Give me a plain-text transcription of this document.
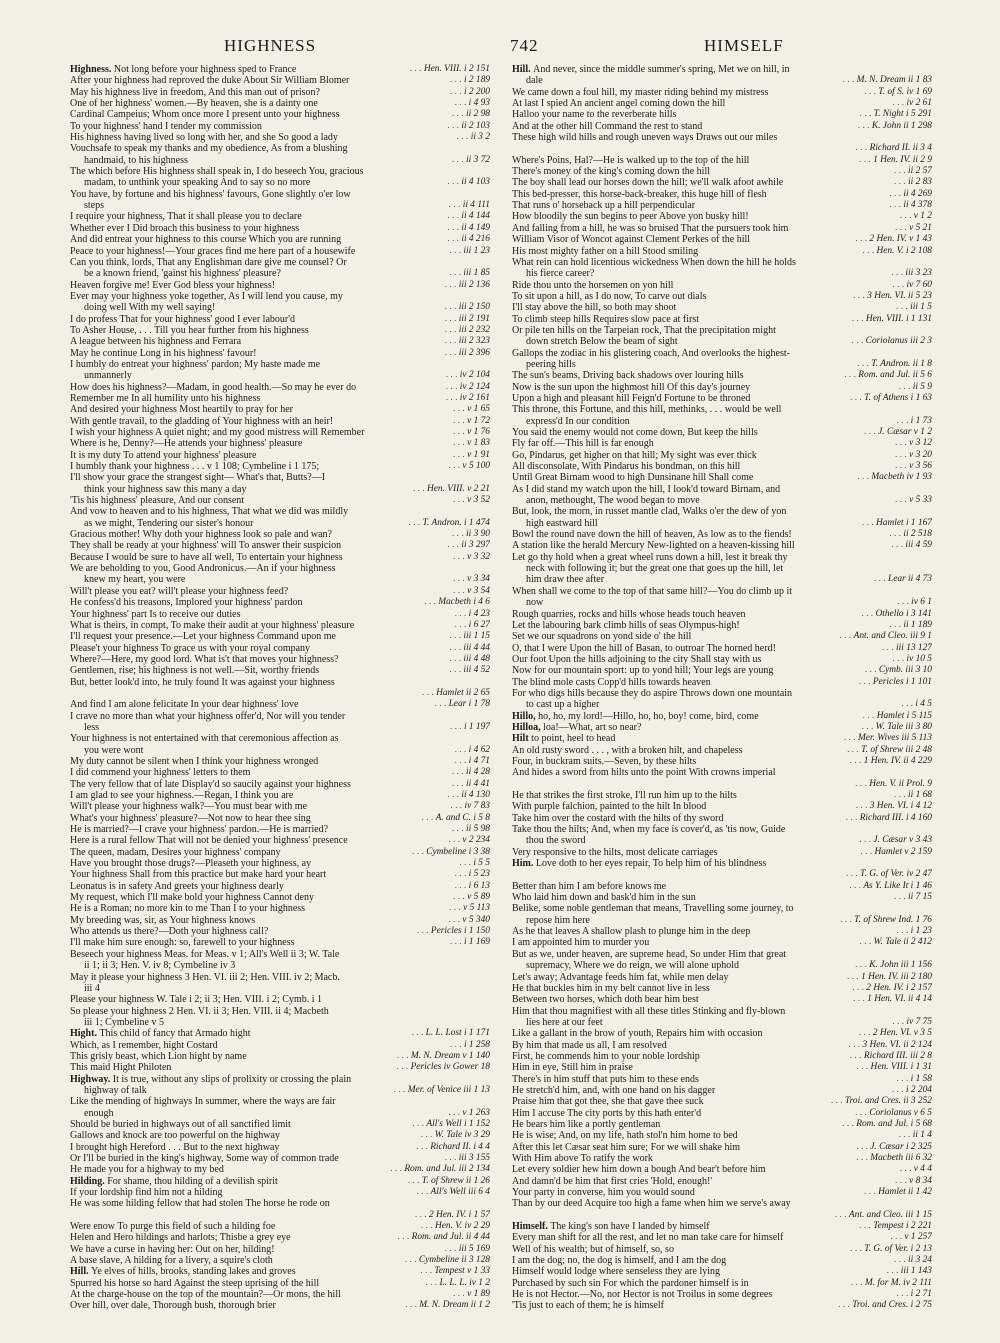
HIGHNESS	742	HIMSELF
Highness. Not long before your highness sped to France	. . . Hen. VIII. i 2 151
After your highness had reproved the duke About Sir William Blomer	. . . i 2 189
May his highness live in freedom, And this man out of prison?	. . . i 2 200
One of her highness' women.—By heaven, she is a dainty one	. . . i 4 93
Cardinal Campeius; Whom once more I present unto your highness	. . . ii 2 98
To your highness' hand I tender my commission	. . . ii 2 103
His highness having lived so long with her, and she So good a lady	. . . ii 3 2
Vouchsafe to speak my thanks and my obedience, As from a blushing
handmaid, to his highness	. . . ii 3 72
The which before His highness shall speak in, I do beseech You, gracious
madam, to unthink your speaking And to say so no more	. . . ii 4 103
You have, by fortune and his highness' favours, Gone slightly o'er low
steps	. . . ii 4 111
I require your highness, That it shall please you to declare	. . . ii 4 144
Whether ever I Did broach this business to your highness	. . . ii 4 149
And did entreat your highness to this course Which you are running	. . . ii 4 216
Peace to your highness!—Your graces find me here part of a housewife	. . . iii 1 23
Can you think, lords, That any Englishman dare give me counsel? Or
be a known friend, 'gainst his highness' pleasure?	. . . iii 1 85
Heaven forgive me! Ever God bless your highness!	. . . iii 2 136
Ever may your highness yoke together, As I will lend you cause, my
doing well With my well saying!	. . . iii 2 150
I do profess That for your highness' good I ever labour'd	. . . iii 2 191
To Asher House, . . . Till you hear further from his highness	. . . iii 2 232
A league between his highness and Ferrara	. . . iii 2 323
May he continue Long in his highness' favour!	. . . iii 2 396
I humbly do entreat your highness' pardon; My haste made me
unmannerly	. . . iv 2 104
How does his highness?—Madam, in good health.—So may he ever do	. . . iv 2 124
Remember me In all humility unto his highness	. . . iv 2 161
And desired your highness Most heartily to pray for her	. . . v 1 65
With gentle travail, to the gladding of Your highness with an heir!	. . . v 1 72
I wish your highness A quiet night; and my good mistress will Remember	. . . v 1 76
Where is he, Denny?—He attends your highness' pleasure	. . . v 1 83
It is my duty To attend your highness' pleasure	. . . v 1 91
I humbly thank your highness . . . v 1 108; Cymbeline i 1 175;	. . . v 5 100
I'll show your grace the strangest sight— What's that, Butts?—I
think your highness saw this many a day	. . . Hen. VIII. v 2 21
'Tis his highness' pleasure, And our consent	. . . v 3 52
And vow to heaven and to his highness, That what we did was mildly
as we might, Tendering our sister's honour	. . . T. Andron. i 1 474
Gracious mother! Why doth your highness look so pale and wan?	. . . ii 3 90
They shall be ready at your highness' will To answer their suspicion	. . . ii 3 297
Because I would be sure to have all well, To entertain your highness	. . . v 3 32
We are beholding to you, Good Andronicus.—An if your highness
knew my heart, you were	. . . v 3 34
Will't please you eat? will't please your highness feed?	. . . v 3 54
He confess'd his treasons, Implored your highness' pardon	. . . Macbeth i 4 6
Your highness' part Is to receive our duties	. . . i 4 23
What is theirs, in compt, To make their audit at your highness' pleasure	. . . i 6 27
I'll request your presence.—Let your highness Command upon me	. . . iii 1 15
Please't your highness To grace us with your royal company	. . . iii 4 44
Where?—Here, my good lord. What is't that moves your highness?	. . . iii 4 48
Gentlemen, rise; his highness is not well.—Sit, worthy friends	. . . iii 4 52
But, better look'd into, he truly found It was against your highness
. . . Hamlet ii 2 65
And find I am alone felicitate In your dear highness' love	. . . Lear i 1 78
I crave no more than what your highness offer'd, Nor will you tender
less	. . . i 1 197
Your highness is not entertained with that ceremonious affection as
you were wont	. . . i 4 62
My duty cannot be silent when I think your highness wronged	. . . i 4 71
I did commend your highness' letters to them	. . . ii 4 28
The very fellow that of late Display'd so saucily against your highness	. . . ii 4 41
I am glad to see your highness.—Regan, I think you are	. . . ii 4 130
Will't please your highness walk?—You must bear with me	. . . iv 7 83
What's your highness' pleasure?—Not now to hear thee sing	. . . A. and C. i 5 8
He is married?—I crave your highness' pardon.—He is married?	. . . ii 5 98
Here is a rural fellow That will not be denied your highness' presence	. . . v 2 234
The queen, madam, Desires your highness' company	. . . Cymbeline i 3 38
Have you brought those drugs?—Pleaseth your highness, ay	. . . i 5 5
Your highness Shall from this practice but make hard your heart	. . . i 5 23
Leonatus is in safety And greets your highness dearly	. . . i 6 13
My request, which I'll make bold your highness Cannot deny	. . . v 5 89
He is a Roman; no more kin to me Than I to your highness	. . . v 5 113
My breeding was, sir, as Your highness knows	. . . v 5 340
Who attends us there?—Doth your highness call?	. . . Pericles i 1 150
I'll make him sure enough: so, farewell to your highness	. . . i 1 169
Beseech your highness Meas. for Meas. v 1; All's Well ii 3; W. Tale
ii 1; ii 3; Hen. V. iv 8; Cymbeline iv 3
May it please your highness 3 Hen. VI. iii 2; Hen. VIII. iv 2; Macb.
iii 4
Please your highness W. Tale i 2; ii 3; Hen. VIII. i 2; Cymb. i 1
So please your highness 2 Hen. VI. ii 3; Hen. VIII. ii 4; Macbeth
iii 1; Cymbeline v 5
Hight. This child of fancy that Armado hight	. . . L. L. Lost i 1 171
Which, as I remember, hight Costard	. . . i 1 258
This grisly beast, which Lion hight by name	. . . M. N. Dream v 1 140
This maid Hight Philoten	. . . Pericles iv Gower 18
Highway. It is true, without any slips of prolixity or crossing the plain
highway of talk	. . . Mer. of Venice iii 1 13
Like the mending of highways In summer, where the ways are fair
enough	. . . v 1 263
Should be buried in highways out of all sanctified limit	. . . All's Well i 1 152
Gallows and knock are too powerful on the highway	. . . W. Tale iv 3 29
I brought high Hereford . . . But to the next highway	. . . Richard II. i 4 4
Or I'll be buried in the king's highway, Some way of common trade	. . . iii 3 155
He made you for a highway to my bed	. . . Rom. and Jul. iii 2 134
Hilding. For shame, thou hilding of a devilish spirit	. . . T. of Shrew ii 1 26
If your lordship find him not a hilding	. . . All's Well iii 6 4
He was some hilding fellow that had stolen The horse he rode on
. . . 2 Hen. IV. i 1 57
Were enow To purge this field of such a hilding foe	. . . Hen. V. iv 2 29
Helen and Hero hildings and harlots; Thisbe a grey eye	. . . Rom. and Jul. ii 4 44
We have a curse in having her: Out on her, hilding!	. . . iii 5 169
A base slave, A hilding for a livery, a squire's cloth	. . . Cymbeline ii 3 128
Hill. Ye elves of hills, brooks, standing lakes and groves	. . . Tempest v 1 33
Spurred his horse so hard Against the steep uprising of the hill	. . . L. L. L. iv 1 2
At the charge-house on the top of the mountain?—Or mons, the hill	. . . v 1 89
Over hill, over dale, Thorough bush, thorough brier	. . . M. N. Dream ii 1 2
Hill. And never, since the middle summer's spring, Met we on hill, in
dale	. . . M. N. Dream ii 1 83
We came down a foul hill, my master riding behind my mistress	. . . T. of S. iv 1 69
At last I spied An ancient angel coming down the hill	. . . iv 2 61
Halloo your name to the reverberate hills	. . . T. Night i 5 291
And at the other hill Command the rest to stand	. . . K. John ii 1 298
These high wild hills and rough uneven ways Draws out our miles
. . . Richard II. ii 3 4
Where's Poins, Hal?—He is walked up to the top of the hill	. . . 1 Hen. IV. ii 2 9
There's money of the king's coming down the hill	. . . ii 2 57
The boy shall lead our horses down the hill; we'll walk afoot awhile	. . . ii 2 83
This bed-presser, this horse-back-breaker, this huge hill of flesh	. . . ii 4 269
That runs o' horseback up a hill perpendicular	. . . ii 4 378
How bloodily the sun begins to peer Above yon busky hill!	. . . v 1 2
And falling from a hill, he was so bruised That the pursuers took him	. . . v 5 21
William Visor of Woncot against Clement Perkes of the hill	. . . 2 Hen. IV. v 1 43
His most mighty father on a hill Stood smiling	. . . Hen. V. i 2 108
What rein can hold licentious wickedness When down the hill he holds
his fierce career?	. . . iii 3 23
Ride thou unto the horsemen on yon hill	. . . iv 7 60
To sit upon a hill, as I do now, To carve out dials	. . . 3 Hen. VI. ii 5 23
I'll stay above the hill, so both may shoot	. . . iii 1 5
To climb steep hills Requires slow pace at first	. . . Hen. VIII. i 1 131
Or pile ten hills on the Tarpeian rock, That the precipitation might
down stretch Below the beam of sight	. . . Coriolanus iii 2 3
Gallops the zodiac in his glistering coach, And overlooks the highest-
peering hills	. . . T. Andron. ii 1 8
The sun's beams, Driving back shadows over louring hills	. . . Rom. and Jul. ii 5 6
Now is the sun upon the highmost hill Of this day's journey	. . . ii 5 9
Upon a high and pleasant hill Feign'd Fortune to be throned	. . . T. of Athens i 1 63
This throne, this Fortune, and this hill, methinks, . . . would be well
express'd In our condition	. . . i 1 73
You said the enemy would not come down, But keep the hills	. . . J. Cæsar v 1 2
Fly far off.—This hill is far enough	. . . v 3 12
Go, Pindarus, get higher on that hill; My sight was ever thick	. . . v 3 20
All disconsolate, With Pindarus his bondman, on this hill	. . . v 3 56
Until Great Birnam wood to high Dunsinane hill Shall come	. . . Macbeth iv 1 93
As I did stand my watch upon the hill, I look'd toward Birnam, and
anon, methought, The wood began to move	. . . v 5 33
But, look, the morn, in russet mantle clad, Walks o'er the dew of yon
high eastward hill	. . . Hamlet i 1 167
Bowl the round nave down the hill of heaven, As low as to the fiends!	. . . ii 2 518
A station like the herald Mercury New-lighted on a heaven-kissing hill	. . . iii 4 59
Let go thy hold when a great wheel runs down a hill, lest it break thy
neck with following it; but the great one that goes up the hill, let
him draw thee after	. . . Lear ii 4 73
When shall we come to the top of that same hill?—You do climb up it
now	. . . iv 6 1
Rough quarries, rocks and hills whose heads touch heaven	. . . Othello i 3 141
Let the labouring bark climb hills of seas Olympus-high!	. . . ii 1 189
Set we our squadrons on yond side o' the hill	. . . Ant. and Cleo. iii 9 1
O, that I were Upon the hill of Basan, to outroar The horned herd!	. . . iii 13 127
Our foot Upon the hills adjoining to the city Shall stay with us	. . . iv 10 5
Now for our mountain sport: up to yond hill; Your legs are young	. . . Cymb. iii 3 10
The blind mole casts Copp'd hills towards heaven	. . . Pericles i 1 101
For who digs hills because they do aspire Throws down one mountain
to cast up a higher	. . . i 4 5
Hillo, ho, ho, my lord!—Hillo, ho, ho, boy! come, bird, come	. . . Hamlet i 5 115
Hilloa, loa!—What, art so near?	. . . W. Tale iii 3 80
Hilt to point, heel to head	. . . Mer. Wives iii 5 113
An old rusty sword . . . , with a broken hilt, and chapeless	. . . T. of Shrew iii 2 48
Four, in buckram suits.—Seven, by these hilts	. . . 1 Hen. IV. ii 4 229
And hides a sword from hilts unto the point With crowns imperial
. . . Hen. V. ii Prol. 9
He that strikes the first stroke, I'll run him up to the hilts	. . . ii 1 68
With purple falchion, painted to the hilt In blood	. . . 3 Hen. VI. i 4 12
Take him over the costard with the hilts of thy sword	. . . Richard III. i 4 160
Take thou the hilts; And, when my face is cover'd, as 'tis now, Guide
thou the sword	. . . J. Cæsar v 3 43
Very responsive to the hilts, most delicate carriages	. . . Hamlet v 2 159
Him. Love doth to her eyes repair, To help him of his blindness
. . . T. G. of Ver. iv 2 47
Better than him I am before knows me	. . . As Y. Like It i 1 46
Who laid him down and bask'd him in the sun	. . . ii 7 15
Belike, some noble gentleman that means, Travelling some journey, to
repose him here	. . . T. of Shrew Ind. 1 76
As he that leaves A shallow plash to plunge him in the deep	. . . i 1 23
I am appointed him to murder you	. . . W. Tale ii 2 412
But as we, under heaven, are supreme head, So under Him that great
supremacy, Where we do reign, we will alone uphold	. . . K. John iii 1 156
Let's away; Advantage feeds him fat, while men delay	. . . 1 Hen. IV. iii 2 180
He that buckles him in my belt cannot live in less	. . . 2 Hen. IV. i 2 157
Between two horses, which doth bear him best	. . . 1 Hen. VI. ii 4 14
Him that thou magnifiest with all these titles Stinking and fly-blown
lies here at our feet	. . . iv 7 75
Like a gallant in the brow of youth, Repairs him with occasion	. . . 2 Hen. VI. v 3 5
By him that made us all, I am resolved	. . . 3 Hen. VI. ii 2 124
First, he commends him to your noble lordship	. . . Richard III. iii 2 8
Him in eye, Still him in praise	. . . Hen. VIII. i 1 31
There's in him stuff that puts him to these ends	. . . i 1 58
He stretch'd him, and, with one hand on his dagger	. . . i 2 204
Praise him that got thee, she that gave thee suck	. . . Troi. and Cres. ii 3 252
Him I accuse The city ports by this hath enter'd	. . . Coriolanus v 6 5
He bears him like a portly gentleman	. . . Rom. and Jul. i 5 68
He is wise; And, on my life, hath stol'n him home to bed	. . . ii 1 4
After this let Cæsar seat him sure; For we will shake him	. . . J. Cæsar i 2 325
With Him above To ratify the work	. . . Macbeth iii 6 32
Let every soldier hew him down a bough And bear't before him	. . . v 4 4
And damn'd be him that first cries 'Hold, enough!'	. . . v 8 34
Your party in converse, him you would sound	. . . Hamlet ii 1 42
Than by our deed Acquire too high a fame when him we serve's away
. . . Ant. and Cleo. iii 1 15
Himself. The king's son have I landed by himself	. . . Tempest i 2 221
Every man shift for all the rest, and let no man take care for himself	. . . v 1 257
Well of his wealth; but of himself, so, so	. . . T. G. of Ver. i 2 13
I am the dog; no, the dog is himself, and I am the dog	. . . ii 3 24
Himself would lodge where senseless they are lying	. . . iii 1 143
Purchased by such sin For which the pardoner himself is in	. . . M. for M. iv 2 111
He is not Hector.—No, nor Hector is not Troilus in some degrees	. . . i 2 71
'Tis just to each of them; he is himself	. . . Troi. and Cres. i 2 75
